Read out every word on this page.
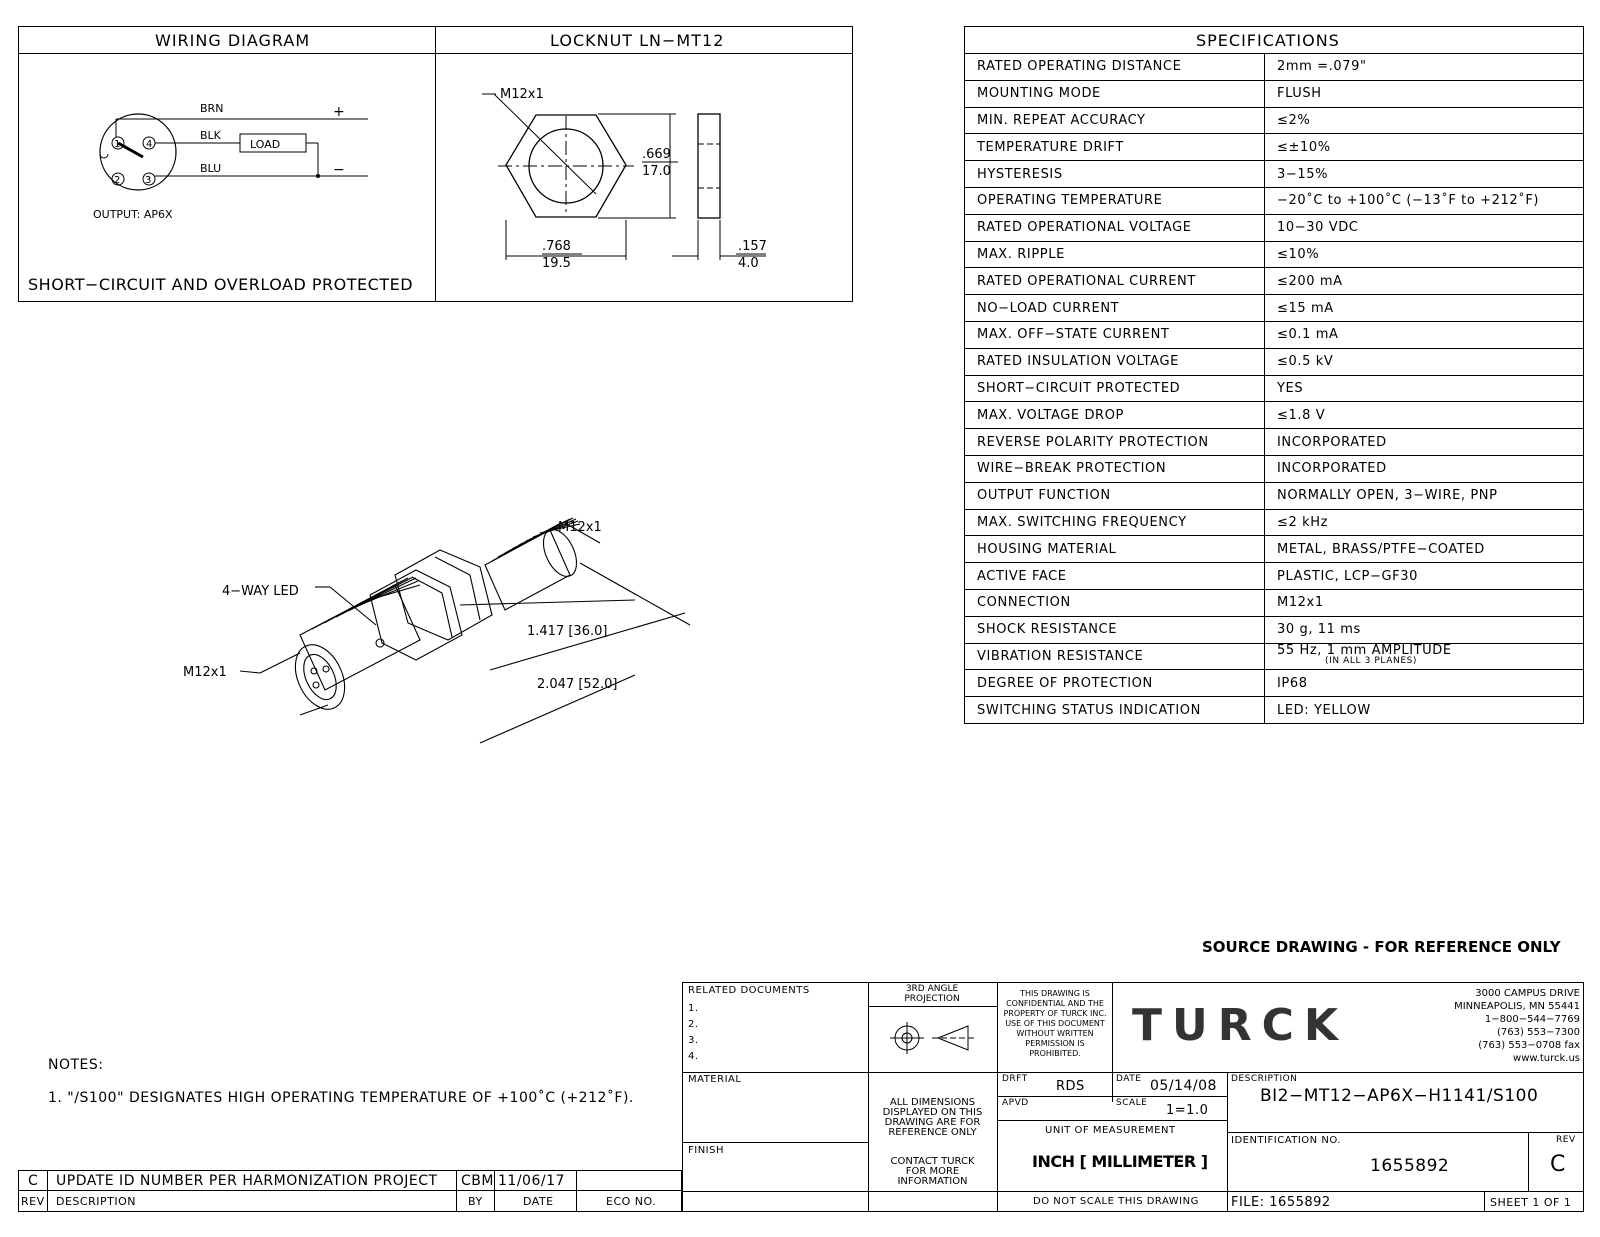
WIRING DIAGRAM	LOCKNUT LN−MT12
BRN
BLK
BLU
LOAD
+
−
1	4
2 3
OUTPUT: AP6X
SHORT−CIRCUIT AND OVERLOAD PROTECTED
M12x1
.669
17.0
.768
19.5
.157
4.0
M12x1
4−WAY LED
M12x1
1.417 [36.0]
2.047 [52.0]
SPECIFICATIONS
RATED OPERATING DISTANCE	2mm =.079"
MOUNTING MODE	FLUSH
MIN. REPEAT ACCURACY	≤2%
TEMPERATURE DRIFT	≤±10%
HYSTERESIS	3−15%
OPERATING TEMPERATURE	−20˚C to +100˚C (−13˚F to +212˚F)
RATED OPERATIONAL VOLTAGE	10−30 VDC
MAX. RIPPLE	≤10%
RATED OPERATIONAL CURRENT	≤200 mA
NO−LOAD CURRENT	≤15 mA
MAX. OFF−STATE CURRENT	≤0.1 mA
RATED INSULATION VOLTAGE	≤0.5 kV
SHORT−CIRCUIT PROTECTED	YES
MAX. VOLTAGE DROP	≤1.8 V
REVERSE POLARITY PROTECTION	INCORPORATED
WIRE−BREAK PROTECTION	INCORPORATED
OUTPUT FUNCTION	NORMALLY OPEN, 3−WIRE, PNP
MAX. SWITCHING FREQUENCY	≤2 kHz
HOUSING MATERIAL	METAL, BRASS/PTFE−COATED
ACTIVE FACE	PLASTIC, LCP−GF30
CONNECTION	M12x1
SHOCK RESISTANCE	30 g, 11 ms
VIBRATION RESISTANCE	55 Hz, 1 mm AMPLITUDE
(IN ALL 3 PLANES)

DEGREE OF PROTECTION	IP68
SWITCHING STATUS INDICATION	LED: YELLOW
SOURCE DRAWING - FOR REFERENCE ONLY
NOTES:
1. "/S100" DESIGNATES HIGH OPERATING TEMPERATURE OF +100˚C (+212˚F).
C UPDATE ID NUMBER PER HARMONIZATION PROJECT CBM 11/06/17
REV DESCRIPTION	BY	DATE	ECO NO.
RELATED DOCUMENTS
1.
2.
3.
4.
3RD ANGLE PROJECTION
THIS DRAWING IS CONFIDENTIAL AND THE PROPERTY OF TURCK INC. USE OF THIS DOCUMENT WITHOUT WRITTEN PERMISSION IS PROHIBITED.
TURCK
3000 CAMPUS DRIVE
MINNEAPOLIS, MN 55441
1−800−544−7769
(763) 553−7300
(763) 553−0708 fax
www.turck.us
MATERIAL
FINISH
ALL DIMENSIONS DISPLAYED ON THIS DRAWING ARE FOR REFERENCE ONLY
CONTACT TURCK FOR MORE INFORMATION
DRFT RDS	DATE 05/14/08
APVD	SCALE 1=1.0
UNIT OF MEASUREMENT
INCH [ MILLIMETER ]
DO NOT SCALE THIS DRAWING
DESCRIPTION
BI2−MT12−AP6X−H1141/S100
IDENTIFICATION NO.
1655892
REV
C
FILE: 1655892	SHEET 1 OF 1
